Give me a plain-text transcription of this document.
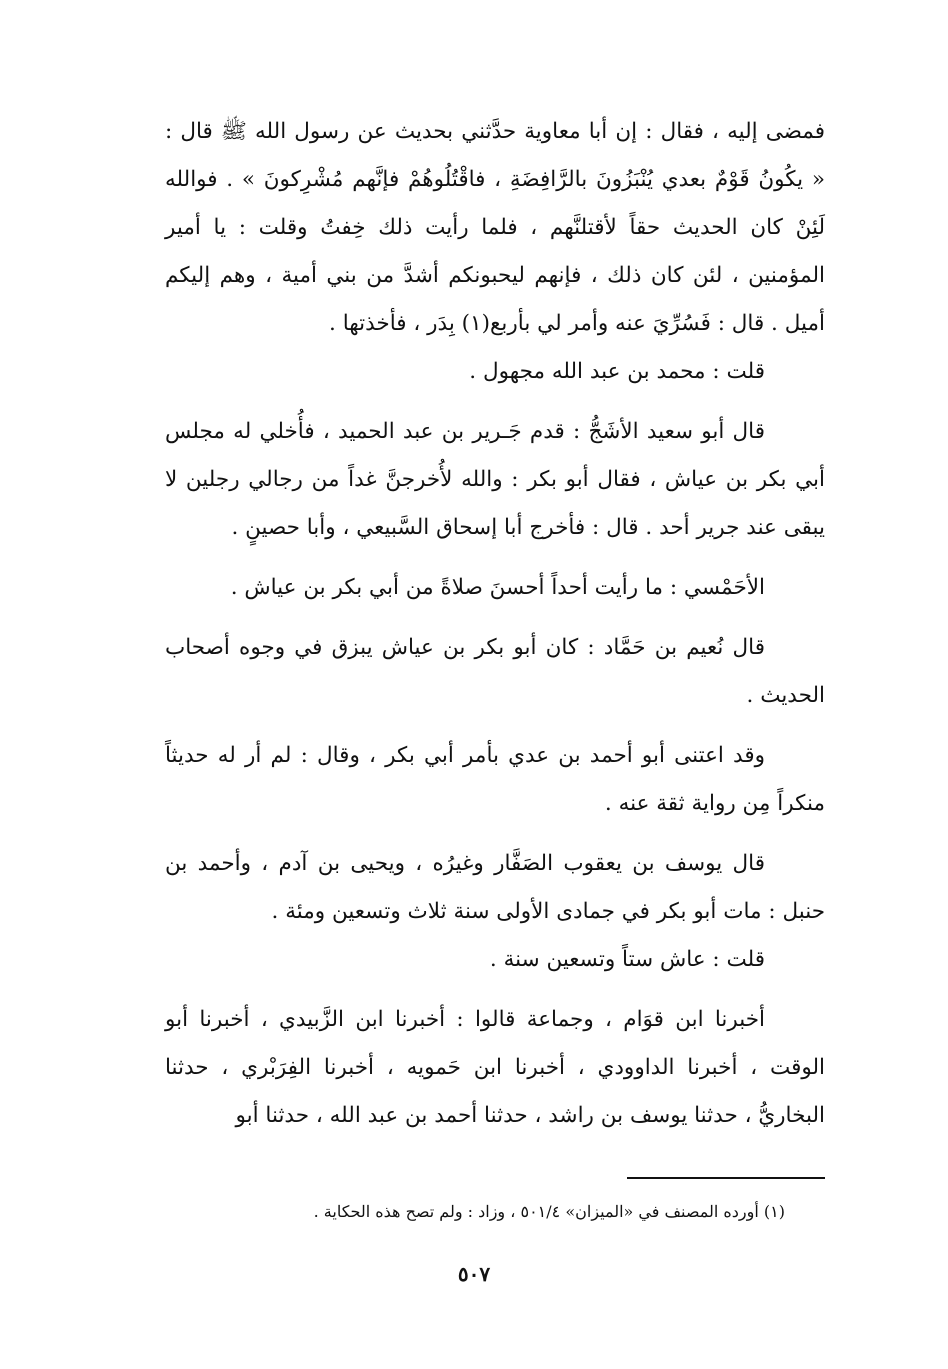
فمضى إليه ، فقال : إن أبا معاوية حدَّثني بحديث عن رسول الله ﷺ قال : « يكُونُ قَوْمٌ بعدي يُنْبَزُونَ بالرَّافِضَةِ ، فاقْتُلُوهُمْ فإنَّهم مُشْرِكونَ » . فوالله لَئِنْ كان الحديث حقاً لأقتلنَّهم ، فلما رأيت ذلك خِفتُ وقلت : يا أمير المؤمنين ، لئن كان ذلك ، فإنهم ليحبونكم أشدَّ من بني أمية ، وهم إليكم أميل . قال : فَسُرِّيَ عنه وأمر لي بأربع(١) بِدَر ، فأخذتها .

قلت : محمد بن عبد الله مجهول .

قال أبو سعيد الأشَجُّ : قدم جَـرير بن عبد الحميد ، فأُخلي له مجلس أبي بكر بن عياش ، فقال أبو بكر : والله لأُخرجنَّ غداً من رجالي رجلين لا يبقى عند جرير أحد . قال : فأخرج أبا إسحاق السَّبيعي ، وأبا حصينٍ .

الأحَمْسي : ما رأيت أحداً أحسنَ صلاةً من أبي بكر بن عياش .

قال نُعيم بن حَمَّاد : كان أبو بكر بن عياش يبزق في وجوه أصحاب الحديث .

وقد اعتنى أبو أحمد بن عدي بأمر أبي بكر ، وقال : لم أر له حديثاً منكراً مِن رواية ثقة عنه .

قال يوسف بن يعقوب الصَفَّار وغيرُه ، ويحيى بن آدم ، وأحمد بن حنبل : مات أبو بكر في جمادى الأولى سنة ثلاث وتسعين ومئة .

قلت : عاش ستاً وتسعين سنة .

أخبرنا ابن قوَام ، وجماعة قالوا : أخبرنا ابن الزَّبيدي ، أخبرنا أبو الوقت ، أخبرنا الداوودي ، أخبرنا ابن حَمويه ، أخبرنا الفِرَبْري ، حدثنا البخاريُّ ، حدثنا يوسف بن راشد ، حدثنا أحمد بن عبد الله ، حدثنا أبو

(١) أورده المصنف في «الميزان» ٥٠١/٤ ، وزاد : ولم تصح هذه الحكاية .
٥٠٧
